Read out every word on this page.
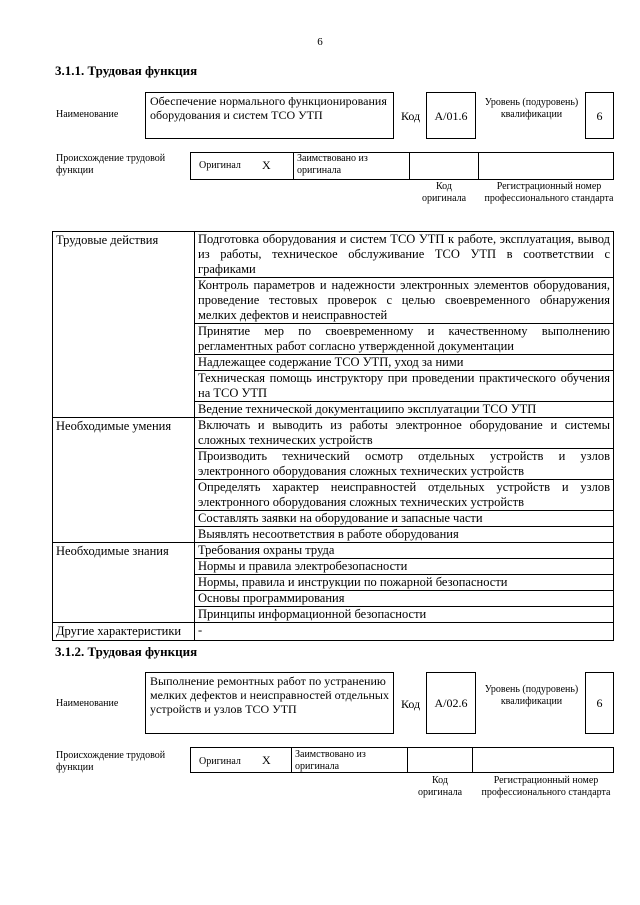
6
3.1.1. Трудовая функция
Наименование
Обеспечение нормального функционирования оборудования и систем ТСО УТП	Код A/01.6
Уровень (подуровень) квалификации	6
Происхождение трудовой функции	Оригинал X	Заимствовано из оригинала
Код оригинала
Регистрационный номер профессионального стандарта
Трудовые действия	Подготовка оборудования и систем ТСО УТП к работе, эксплуатация, вывод из работы, техническое обслуживание ТСО УТП в соответствии с графиками
Контроль параметров и надежности электронных элементов оборудования, проведение тестовых проверок с целью своевременного обнаружения мелких дефектов и неисправностей
Принятие мер по своевременному и качественному выполнению регламентных работ согласно утвержденной документации
Надлежащее содержание ТСО УТП, уход за ними
Техническая помощь инструктору при проведении практического обучения на ТСО УТП
Ведение технической документациипо эксплуатации ТСО УТП
Необходимые умения	Включать и выводить из работы электронное оборудование и системы сложных технических устройств
Производить технический осмотр отдельных устройств и узлов электронного оборудования сложных технических устройств
Определять характер неисправностей отдельных устройств и узлов электронного оборудования сложных технических устройств
Составлять заявки на оборудование и запасные части
Выявлять несоответствия в работе оборудования
Необходимые знания	Требования охраны труда
Нормы и правила электробезопасности
Нормы, правила и инструкции по пожарной безопасности
Основы программирования
Принципы информационной безопасности
Другие характеристики	-
3.1.2. Трудовая функция
Наименование
Выполнение ремонтных работ по устранению мелких дефектов и неисправностей отдельных устройств и узлов ТСО УТП	Код A/02.6
Уровень (подуровень) квалификации	6
Происхождение трудовой функции
Оригинал X Заимствовано из оригинала
Код оригинала
Регистрационный номер профессионального стандарта
